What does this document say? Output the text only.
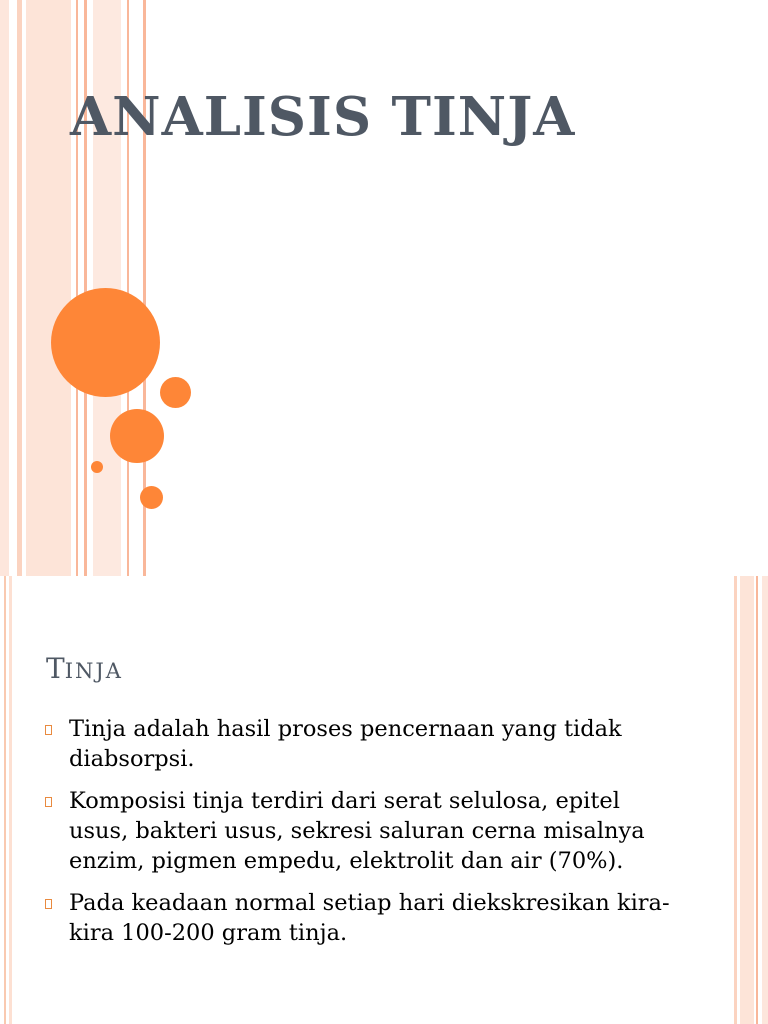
ANALISIS TINJA
TINJA
Tinja adalah hasil proses pencernaan yang tidak diabsorpsi.
Komposisi tinja terdiri dari serat selulosa, epitel usus, bakteri usus, sekresi saluran cerna misalnya enzim, pigmen empedu, elektrolit dan air (70%).
Pada keadaan normal setiap hari diekskresikan kira-kira 100-200 gram tinja.
